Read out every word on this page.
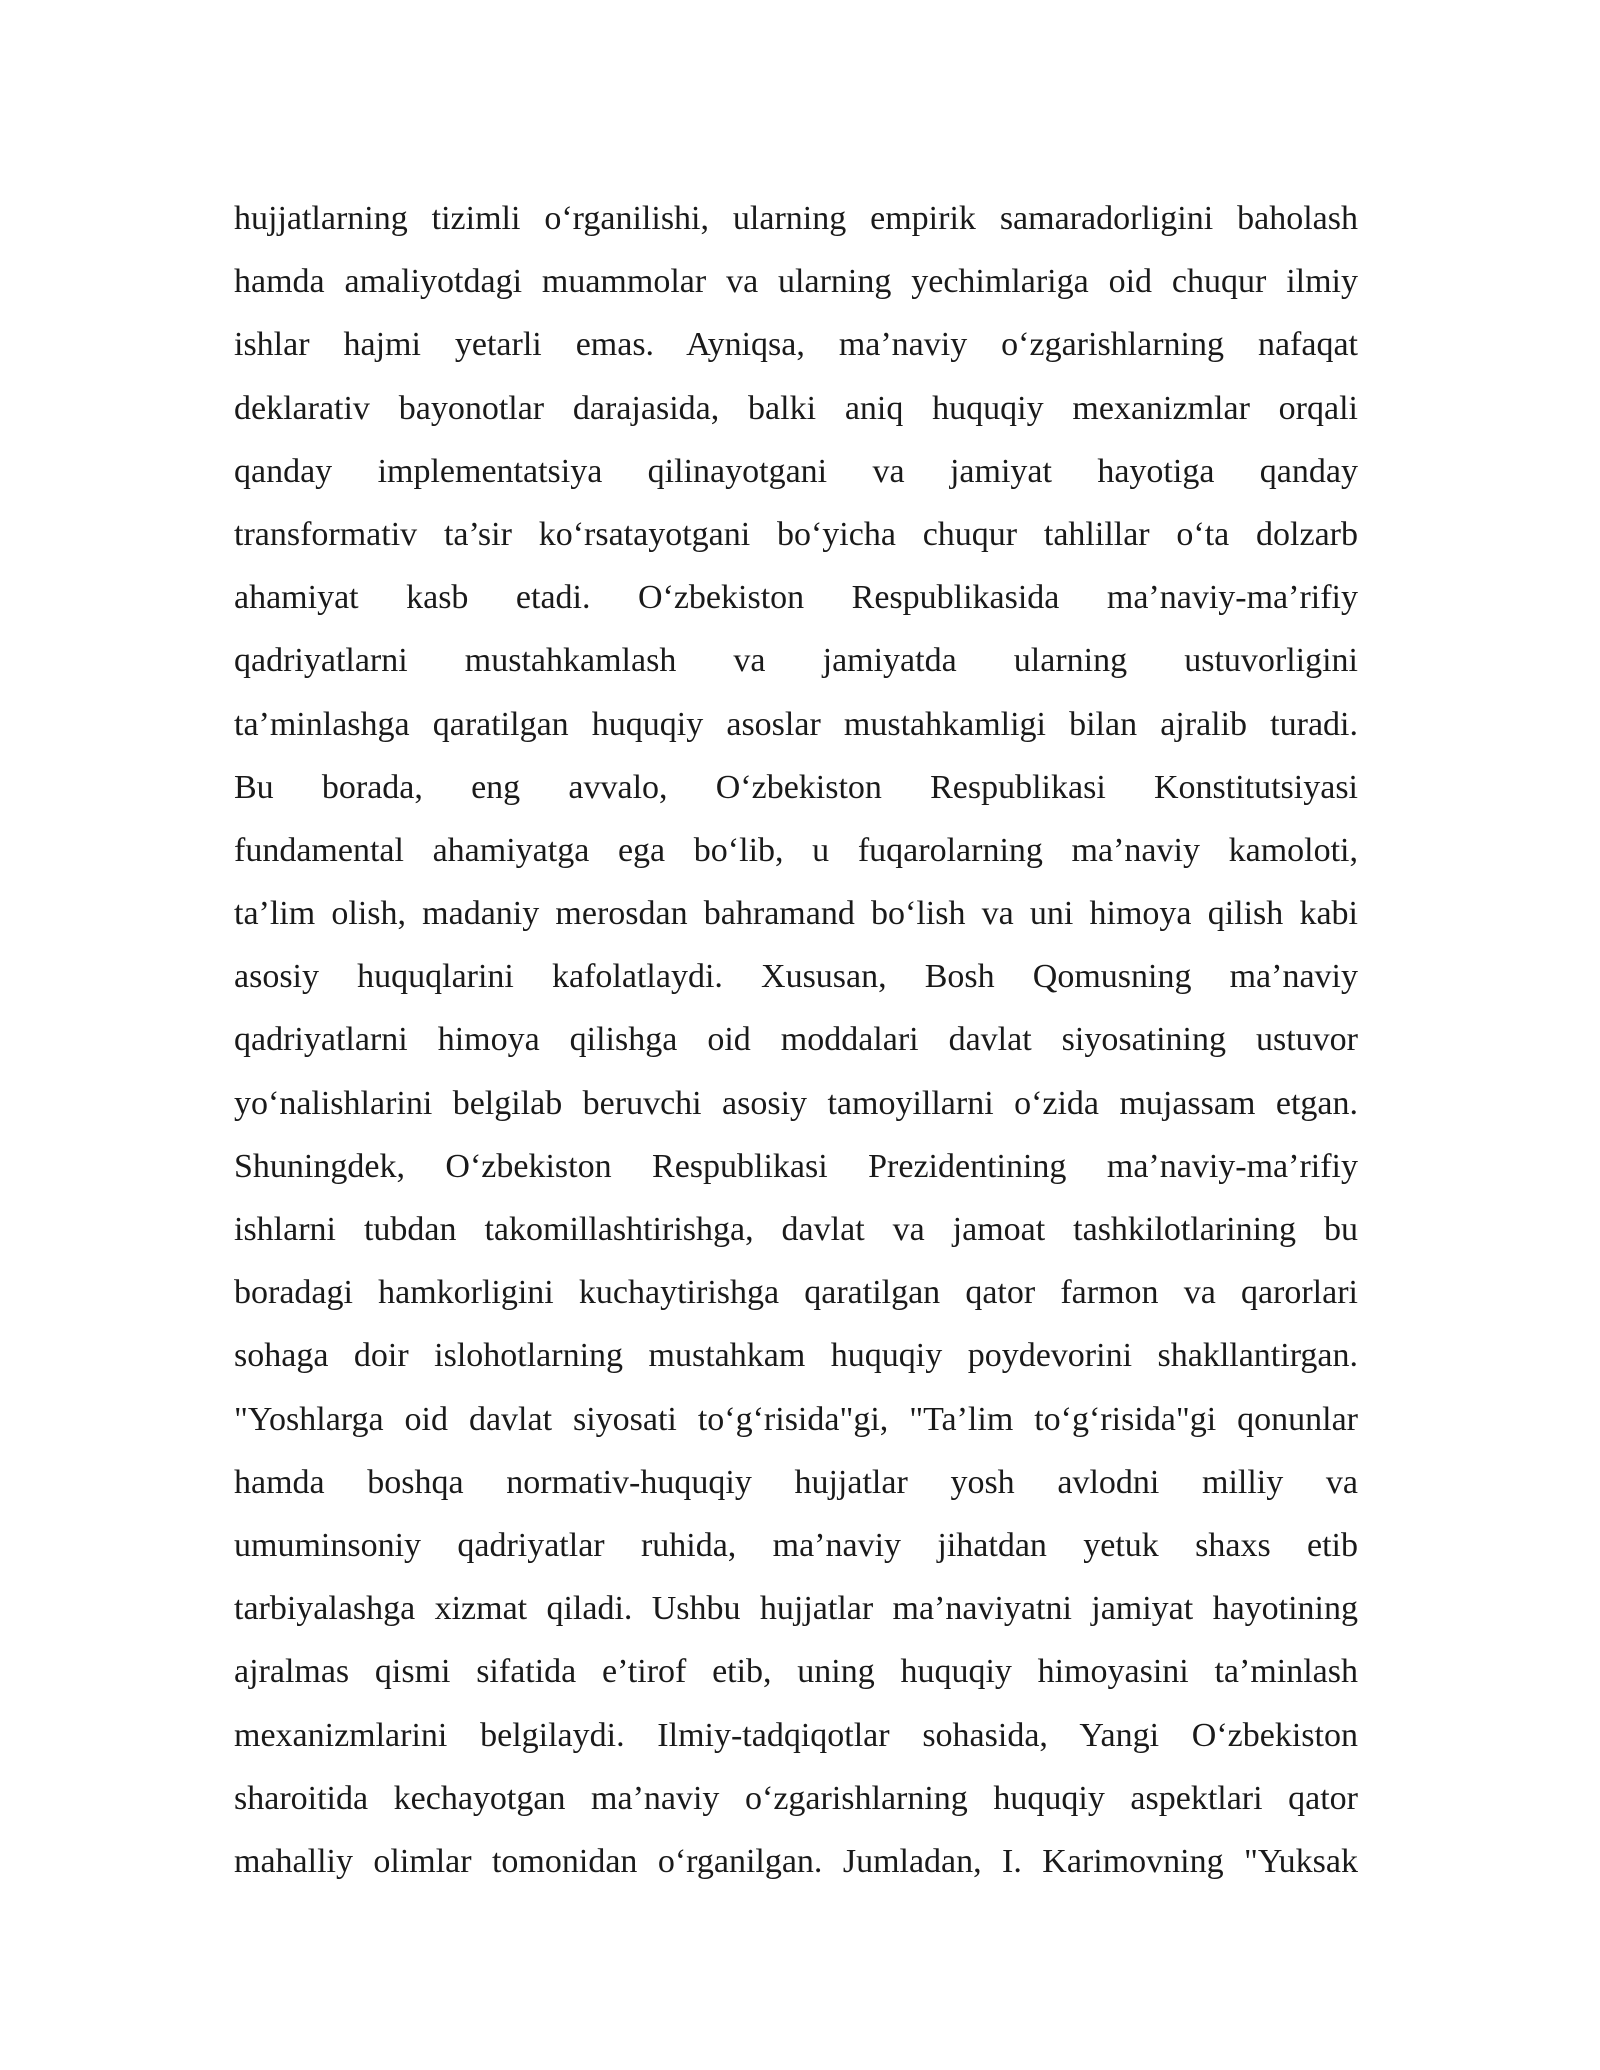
hujjatlarning tizimli o‘rganilishi, ularning empirik samaradorligini baholash
hamda amaliyotdagi muammolar va ularning yechimlariga oid chuqur ilmiy
ishlar hajmi yetarli emas. Ayniqsa, ma’naviy o‘zgarishlarning nafaqat
deklarativ bayonotlar darajasida, balki aniq huquqiy mexanizmlar orqali
qanday implementatsiya qilinayotgani va jamiyat hayotiga qanday
transformativ ta’sir ko‘rsatayotgani bo‘yicha chuqur tahlillar o‘ta dolzarb
ahamiyat kasb etadi. O‘zbekiston Respublikasida ma’naviy-ma’rifiy
qadriyatlarni mustahkamlash va jamiyatda ularning ustuvorligini
ta’minlashga qaratilgan huquqiy asoslar mustahkamligi bilan ajralib turadi.
Bu borada, eng avvalo, O‘zbekiston Respublikasi Konstitutsiyasi
fundamental ahamiyatga ega bo‘lib, u fuqarolarning ma’naviy kamoloti,
ta’lim olish, madaniy merosdan bahramand bo‘lish va uni himoya qilish kabi
asosiy huquqlarini kafolatlaydi. Xususan, Bosh Qomusning ma’naviy
qadriyatlarni himoya qilishga oid moddalari davlat siyosatining ustuvor
yo‘nalishlarini belgilab beruvchi asosiy tamoyillarni o‘zida mujassam etgan.
Shuningdek, O‘zbekiston Respublikasi Prezidentining ma’naviy-ma’rifiy
ishlarni tubdan takomillashtirishga, davlat va jamoat tashkilotlarining bu
boradagi hamkorligini kuchaytirishga qaratilgan qator farmon va qarorlari
sohaga doir islohotlarning mustahkam huquqiy poydevorini shakllantirgan.
"Yoshlarga oid davlat siyosati to‘g‘risida"gi, "Ta’lim to‘g‘risida"gi qonunlar
hamda boshqa normativ-huquqiy hujjatlar yosh avlodni milliy va
umuminsoniy qadriyatlar ruhida, ma’naviy jihatdan yetuk shaxs etib
tarbiyalashga xizmat qiladi. Ushbu hujjatlar ma’naviyatni jamiyat hayotining
ajralmas qismi sifatida e’tirof etib, uning huquqiy himoyasini ta’minlash
mexanizmlarini belgilaydi. Ilmiy-tadqiqotlar sohasida, Yangi O‘zbekiston
sharoitida kechayotgan ma’naviy o‘zgarishlarning huquqiy aspektlari qator
mahalliy olimlar tomonidan o‘rganilgan. Jumladan, I. Karimovning "Yuksak
